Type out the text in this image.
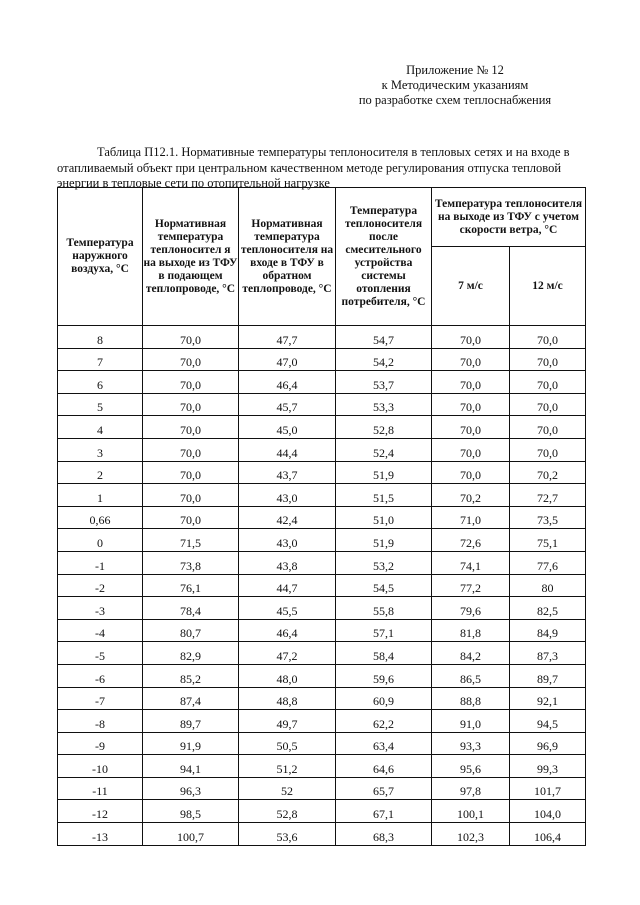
Приложение № 12
к Методическим указаниям
по разработке схем теплоснабжения
Таблица П12.1. Нормативные температуры теплоносителя в тепловых сетях и на входе в
отапливаемый объект при центральном качественном методе регулирования отпуска тепловой
энергии в тепловые сети по отопительной нагрузке
Температура наружного воздуха, °С	Нормативная температура теплоносител я на выходе из ТФУ в подающем теплопроводе, °С	Нормативная температура теплоносителя на входе в ТФУ в обратном теплопроводе, °С	Температура теплоносителя после смесительного устройства системы отопления потребителя, °С	Температура теплоносителя на выходе из ТФУ с учетом скорости ветра, °С	
				7 м/с	12 м/с
8	70,0	47,7	54,7	70,0	70,0
7	70,0	47,0	54,2	70,0	70,0
6	70,0	46,4	53,7	70,0	70,0
5	70,0	45,7	53,3	70,0	70,0
4	70,0	45,0	52,8	70,0	70,0
3	70,0	44,4	52,4	70,0	70,0
2	70,0	43,7	51,9	70,0	70,2
1	70,0	43,0	51,5	70,2	72,7
0,66	70,0	42,4	51,0	71,0	73,5
0	71,5	43,0	51,9	72,6	75,1
-1	73,8	43,8	53,2	74,1	77,6
-2	76,1	44,7	54,5	77,2	80
-3	78,4	45,5	55,8	79,6	82,5
-4	80,7	46,4	57,1	81,8	84,9
-5	82,9	47,2	58,4	84,2	87,3
-6	85,2	48,0	59,6	86,5	89,7
-7	87,4	48,8	60,9	88,8	92,1
-8	89,7	49,7	62,2	91,0	94,5
-9	91,9	50,5	63,4	93,3	96,9
-10	94,1	51,2	64,6	95,6	99,3
-11	96,3	52	65,7	97,8	101,7
-12	98,5	52,8	67,1	100,1	104,0
-13	100,7	53,6	68,3	102,3	106,4
